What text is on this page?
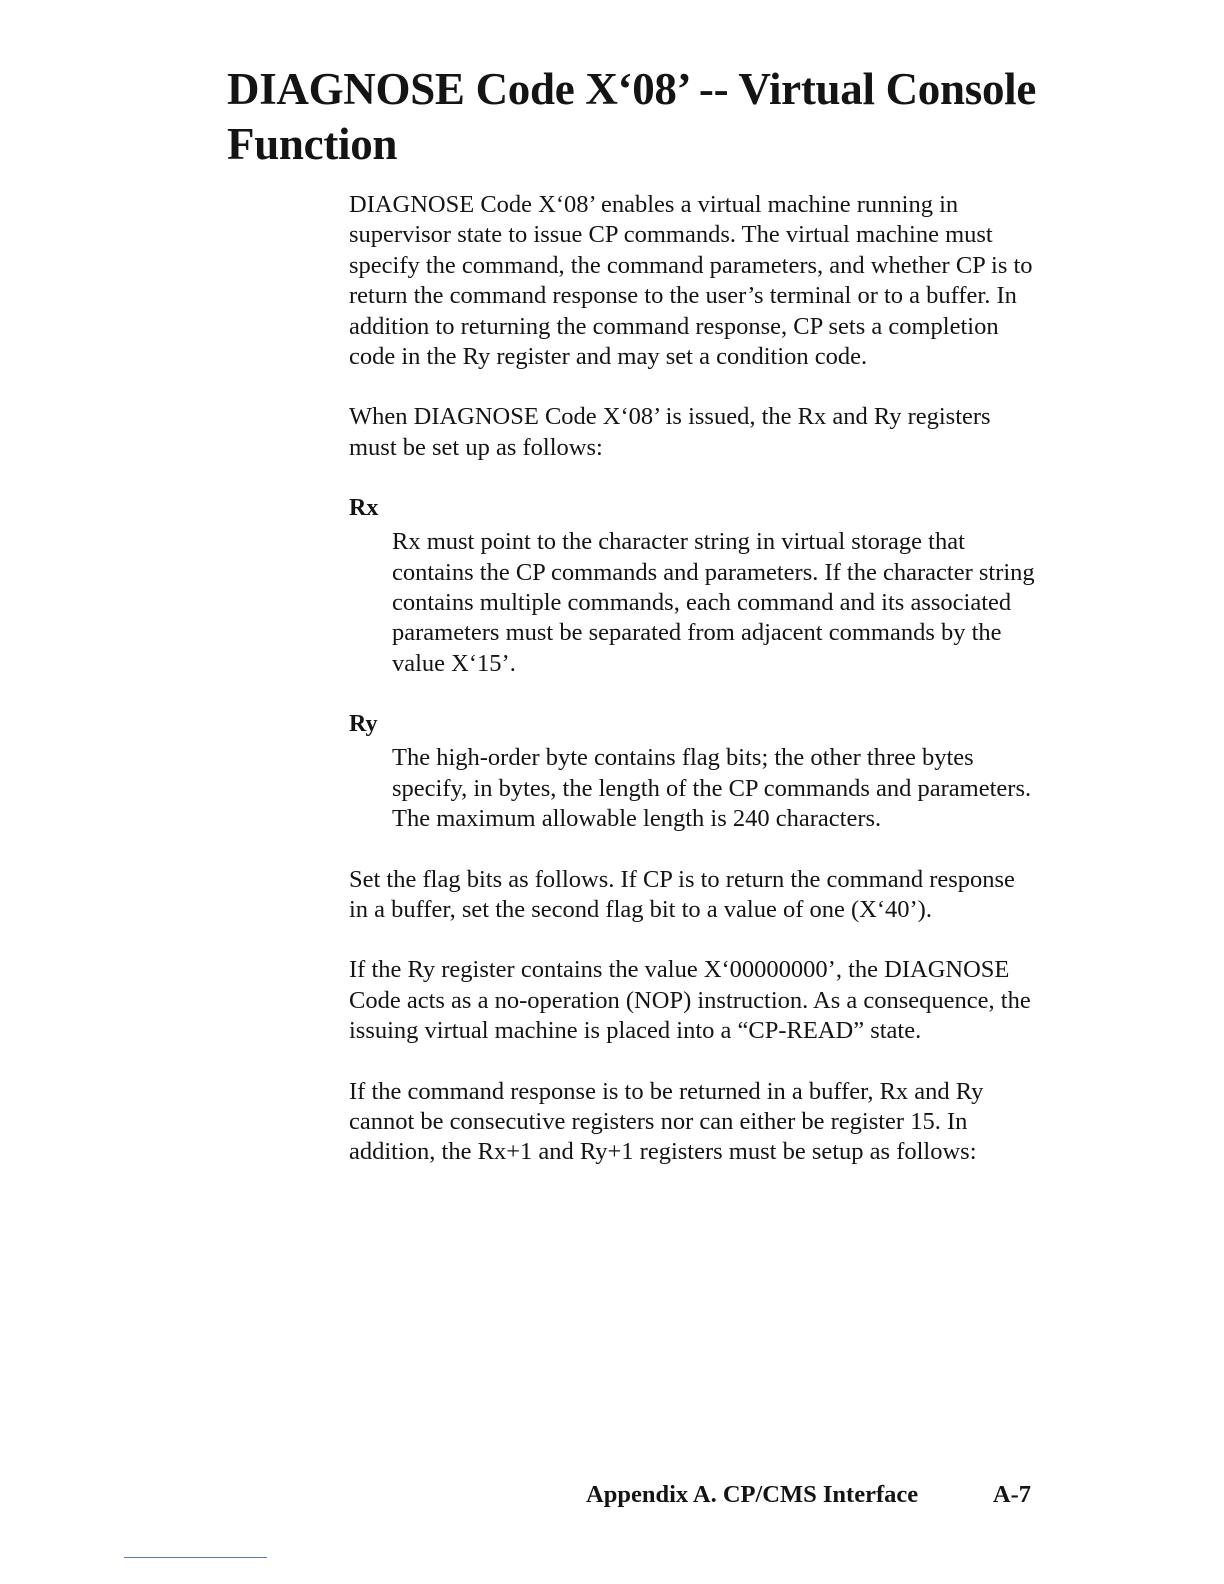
DIAGNOSE Code X‘08’ -- Virtual Console Function

DIAGNOSE Code X‘08’ enables a virtual machine running in supervisor state to issue CP commands. The virtual machine must specify the command, the command parameters, and whether CP is to return the command response to the user’s terminal or to a buffer. In addition to returning the command response, CP sets a completion code in the Ry register and may set a condition code.

When DIAGNOSE Code X‘08’ is issued, the Rx and Ry registers must be set up as follows:

Rx

Rx must point to the character string in virtual storage that contains the CP commands and parameters. If the character string contains multiple commands, each command and its associated parameters must be separated from adjacent commands by the value X‘15’.

Ry

The high-order byte contains flag bits; the other three bytes specify, in bytes, the length of the CP commands and parameters. The maximum allowable length is 240 characters.

Set the flag bits as follows. If CP is to return the command response in a buffer, set the second flag bit to a value of one (X‘40’).

If the Ry register contains the value X‘00000000’, the DIAGNOSE Code acts as a no-operation (NOP) instruction. As a consequence, the issuing virtual machine is placed into a “CP-READ” state.

If the command response is to be returned in a buffer, Rx and Ry cannot be consecutive registers nor can either be register 15. In addition, the Rx+1 and Ry+1 registers must be setup as follows:

Appendix A. CP/CMS Interface	A-7
